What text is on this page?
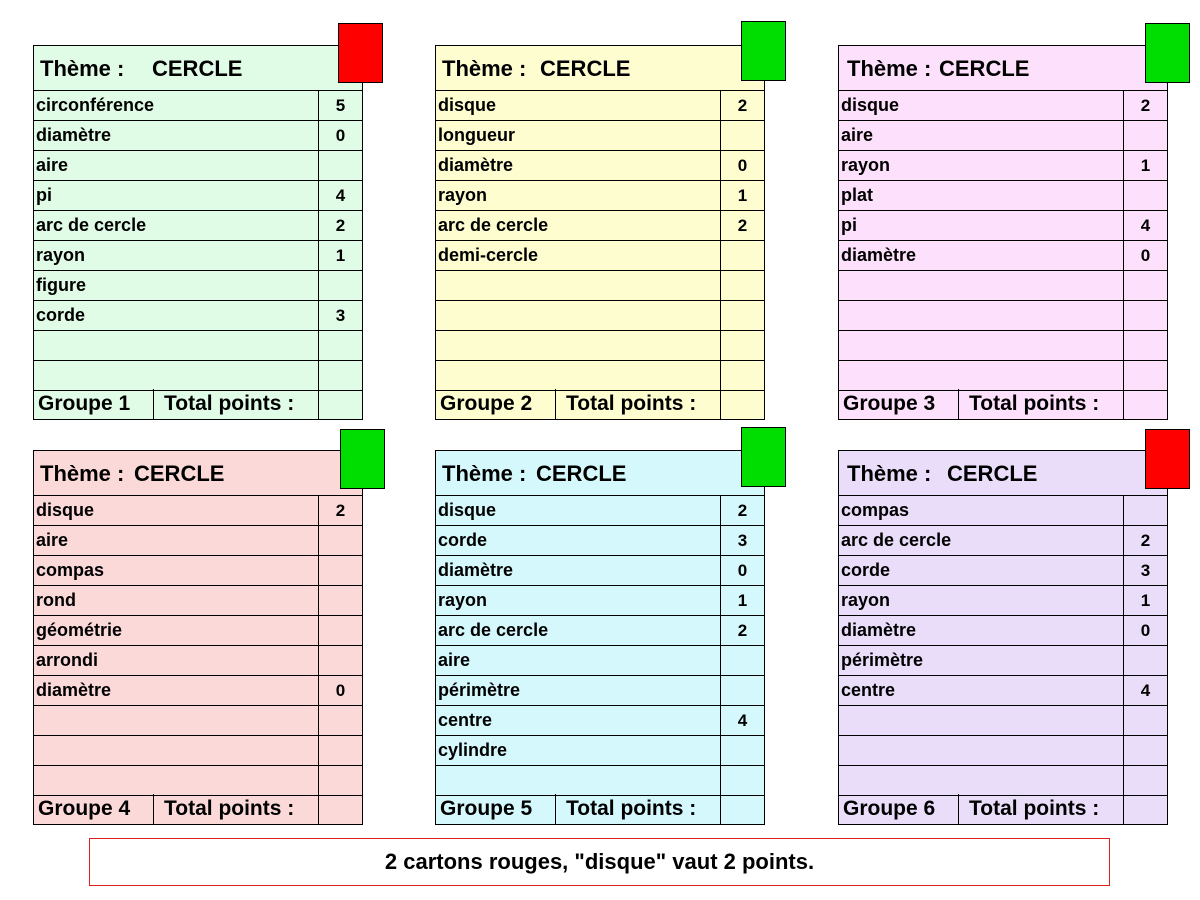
Thème : CERCLE
circonférence	5
diamètre	0
aire
pi	4
arc de cercle	2
rayon	1
figure
corde	3
Groupe 1	Total points :
Thème : CERCLE
disque	2
longueur
diamètre	0
rayon	1
arc de cercle	2
demi-cercle
Groupe 2	Total points :
Thème : CERCLE
disque	2
aire
rayon	1
plat
pi	4
diamètre	0
Groupe 3	Total points :
Thème : CERCLE
disque	2
aire
compas
rond
géométrie
arrondi
diamètre	0
Groupe 4	Total points :
Thème : CERCLE
disque	2
corde	3
diamètre	0
rayon	1
arc de cercle	2
aire
périmètre
centre	4
cylindre
Groupe 5	Total points :
Thème : CERCLE
compas
arc de cercle	2
corde	3
rayon	1
diamètre	0
périmètre
centre	4
Groupe 6	Total points :
2 cartons rouges, "disque" vaut 2 points.
